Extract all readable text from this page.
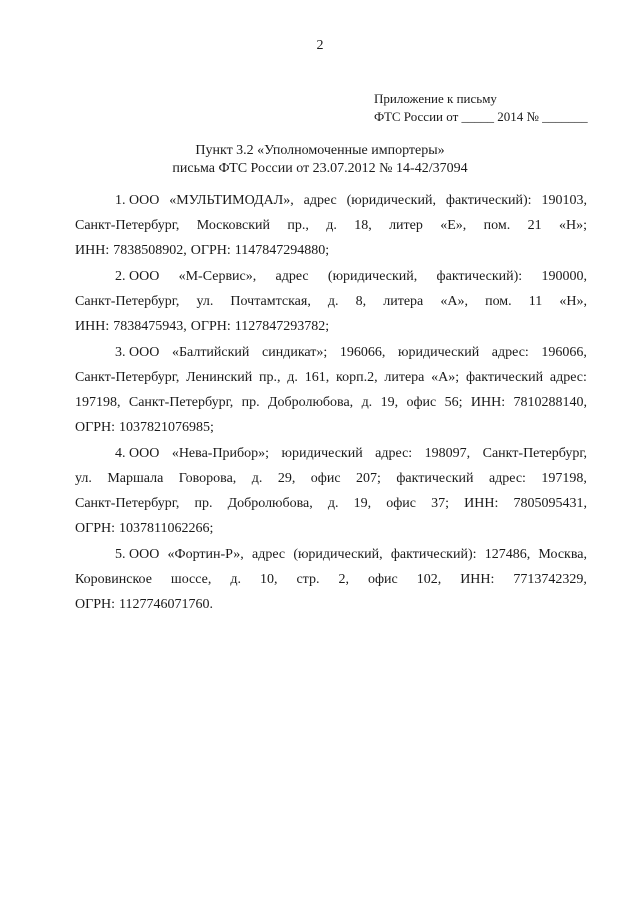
2
Приложение к письму
ФТС России от _____ 2014 № _______
Пункт 3.2 «Уполномоченные импортеры»
письма ФТС России от 23.07.2012 № 14-42/37094
1. ООО «МУЛЬТИМОДАЛ», адрес (юридический, фактический): 190103,
Санкт-Петербург, Московский пр., д. 18, литер «Е», пом. 21 «Н»;
ИНН: 7838508902, ОГРН: 1147847294880;
2. ООО «М-Сервис», адрес (юридический, фактический): 190000,
Санкт-Петербург, ул. Почтамтская, д. 8, литера «А», пом. 11 «Н»,
ИНН: 7838475943, ОГРН: 1127847293782;
3. ООО «Балтийский синдикат»; 196066, юридический адрес: 196066,
Санкт-Петербург, Ленинский пр., д. 161, корп.2, литера «А»; фактический адрес:
197198, Санкт-Петербург, пр. Добролюбова, д. 19, офис 56; ИНН: 7810288140,
ОГРН: 1037821076985;
4. ООО «Нева-Прибор»; юридический адрес: 198097, Санкт-Петербург,
ул. Маршала Говорова, д. 29, офис 207; фактический адрес: 197198,
Санкт-Петербург, пр. Добролюбова, д. 19, офис 37; ИНН: 7805095431,
ОГРН: 1037811062266;
5. ООО «Фортин-Р», адрес (юридический, фактический): 127486, Москва,
Коровинское шоссе, д. 10, стр. 2, офис 102, ИНН: 7713742329,
ОГРН: 1127746071760.
